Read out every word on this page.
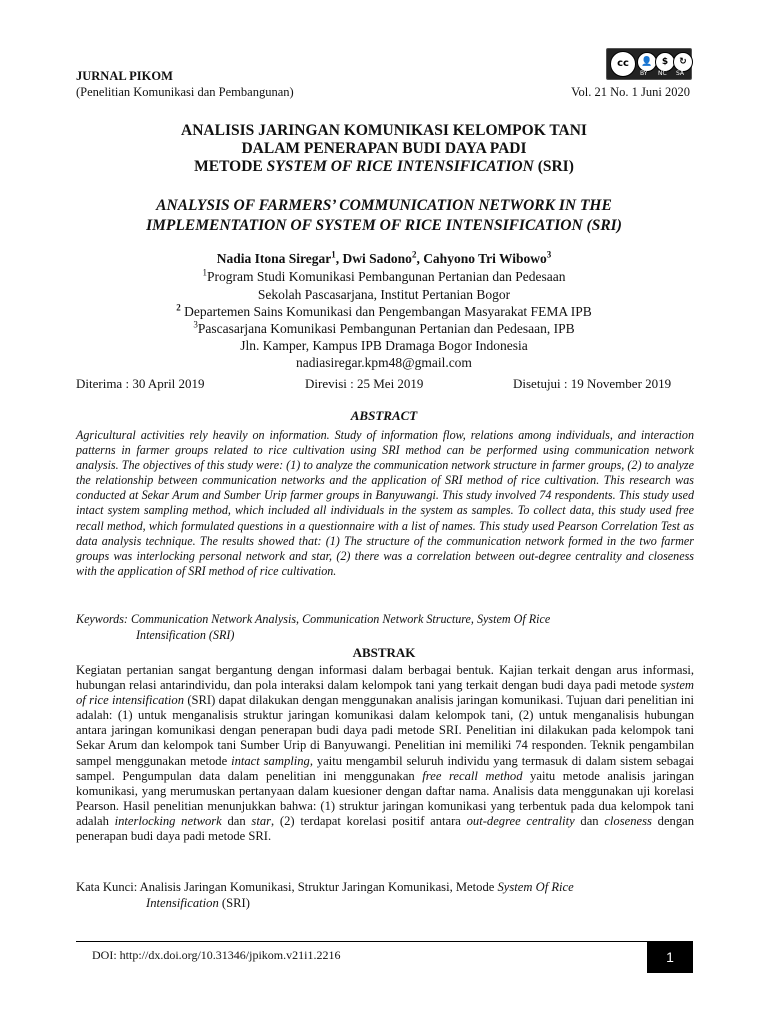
JURNAL PIKOM
(Penelitian Komunikasi dan Pembangunan)	Vol. 21 No. 1 Juni 2020
cc	👤	$	↻
BY NC SA
ANALISIS JARINGAN KOMUNIKASI KELOMPOK TANI
DALAM PENERAPAN BUDI DAYA PADI
METODE SYSTEM OF RICE INTENSIFICATION (SRI)
ANALYSIS OF FARMERS’ COMMUNICATION NETWORK IN THE
IMPLEMENTATION OF SYSTEM OF RICE INTENSIFICATION (SRI)
Nadia Itona Siregar$^1$, Dwi Sadono$^2$, Cahyono Tri Wibowo$^3$
$^1$Program Studi Komunikasi Pembangunan Pertanian dan Pedesaan
Sekolah Pascasarjana, Institut Pertanian Bogor
$^2$ Departemen Sains Komunikasi dan Pengembangan Masyarakat FEMA IPB
$^3$Pascasarjana Komunikasi Pembangunan Pertanian dan Pedesaan, IPB
Jln. Kamper, Kampus IPB Dramaga Bogor Indonesia
nadiasiregar.kpm48@gmail.com
Diterima : 30 April 2019	Direvisi : 25 Mei 2019	Disetujui : 19 November 2019
ABSTRACT
Agricultural activities rely heavily on information. Study of information flow, relations among individuals, and interaction patterns in farmer groups related to rice cultivation using SRI method can be performed using communication network analysis. The objectives of this study were: (1) to analyze the communication network structure in farmer groups, (2) to analyze the relationship between communication networks and the application of SRI method of rice cultivation. This research was conducted at Sekar Arum and Sumber Urip farmer groups in Banyuwangi. This study involved 74 respondents. This study used intact system sampling method, which included all individuals in the system as samples. To collect data, this study used free recall method, which formulated questions in a questionnaire with a list of names. This study used Pearson Correlation Test as data analysis technique. The results showed that: (1) The structure of the communication network formed in the two farmer groups was interlocking personal network and star, (2) there was a correlation between out-degree centrality and closeness with the application of SRI method of rice cultivation.
Keywords: Communication Network Analysis, Communication Network Structure, System Of Rice
Intensification (SRI)
ABSTRAK
Kegiatan pertanian sangat bergantung dengan informasi dalam berbagai bentuk. Kajian terkait dengan arus informasi, hubungan relasi antarindividu, dan pola interaksi dalam kelompok tani yang terkait dengan budi daya padi metode system of rice intensification (SRI) dapat dilakukan dengan menggunakan analisis jaringan komunikasi. Tujuan dari penelitian ini adalah: (1) untuk menganalisis struktur jaringan komunikasi dalam kelompok tani, (2) untuk menganalisis hubungan antara jaringan komunikasi dengan penerapan budi daya padi metode SRI. Penelitian ini dilakukan pada kelompok tani Sekar Arum dan kelompok tani Sumber Urip di Banyuwangi. Penelitian ini memiliki 74 responden. Teknik pengambilan sampel menggunakan metode intact sampling, yaitu mengambil seluruh individu yang termasuk di dalam sistem sebagai sampel. Pengumpulan data dalam penelitian ini menggunakan free recall method yaitu metode analisis jaringan komunikasi, yang merumuskan pertanyaan dalam kuesioner dengan daftar nama. Analisis data menggunakan uji korelasi Pearson. Hasil penelitian menunjukkan bahwa: (1) struktur jaringan komunikasi yang terbentuk pada dua kelompok tani adalah interlocking network dan star, (2) terdapat korelasi positif antara out-degree centrality dan closeness dengan penerapan budi daya padi metode SRI.
Kata Kunci: Analisis Jaringan Komunikasi, Struktur Jaringan Komunikasi, Metode System Of Rice
Intensification (SRI)
DOI: http://dx.doi.org/10.31346/jpikom.v21i1.2216	1
